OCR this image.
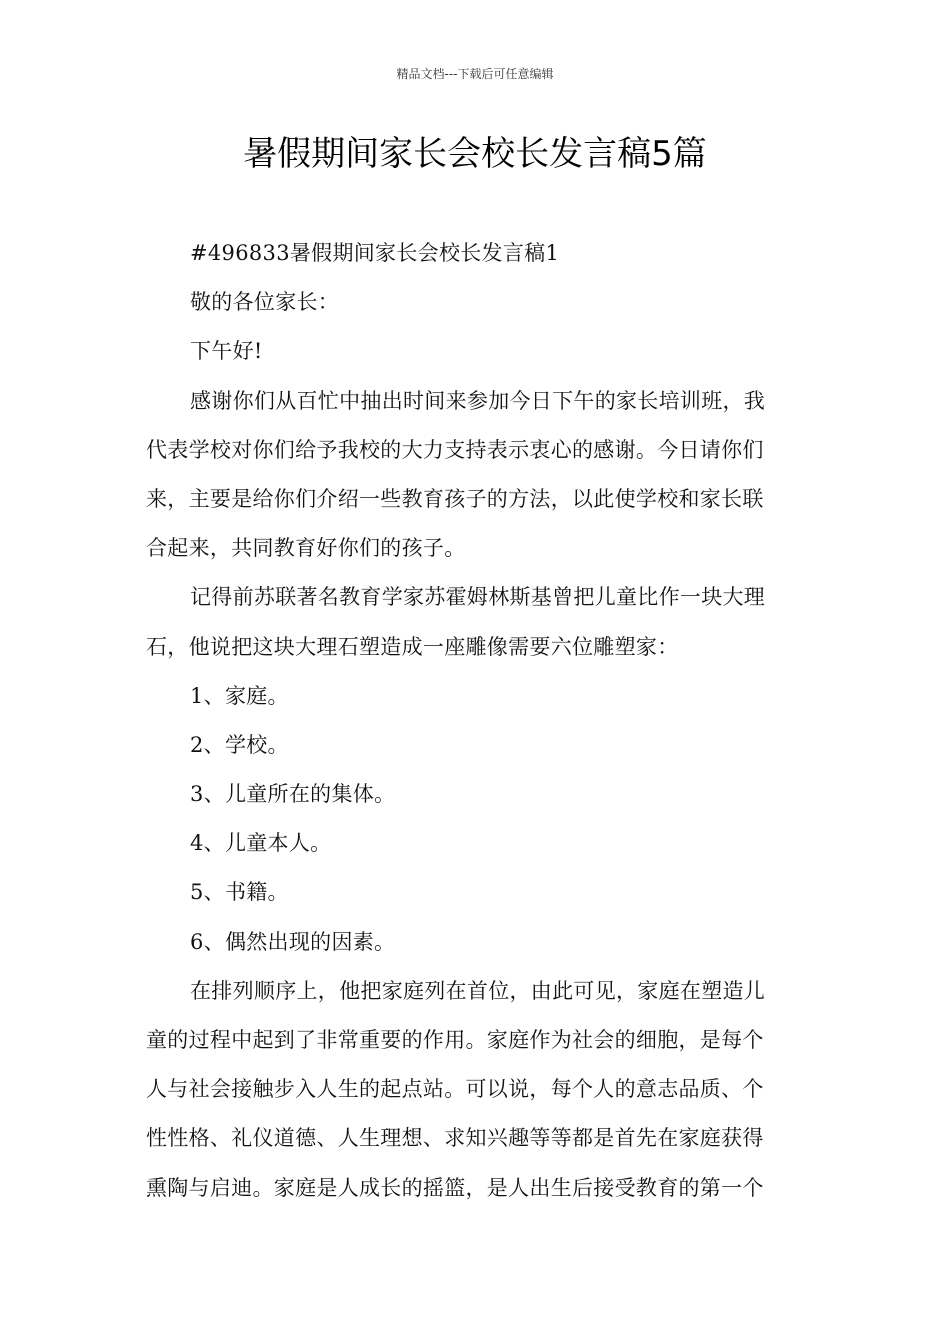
精品文档---下载后可任意编辑
暑假期间家长会校长发言稿5篇
#496833暑假期间家长会校长发言稿1
敬的各位家长：
下午好!
感谢你们从百忙中抽出时间来参加今日下午的家长培训班，我
代表学校对你们给予我校的大力支持表示衷心的感谢。今日请你们
来，主要是给你们介绍一些教育孩子的方法，以此使学校和家长联
合起来，共同教育好你们的孩子。
记得前苏联著名教育学家苏霍姆林斯基曾把儿童比作一块大理
石，他说把这块大理石塑造成一座雕像需要六位雕塑家：
1、家庭。
2、学校。
3、儿童所在的集体。
4、儿童本人。
5、书籍。
6、偶然出现的因素。
在排列顺序上，他把家庭列在首位，由此可见，家庭在塑造儿
童的过程中起到了非常重要的作用。家庭作为社会的细胞，是每个
人与社会接触步入人生的起点站。可以说，每个人的意志品质、个
性性格、礼仪道德、人生理想、求知兴趣等等都是首先在家庭获得
熏陶与启迪。家庭是人成长的摇篮，是人出生后接受教育的第一个
